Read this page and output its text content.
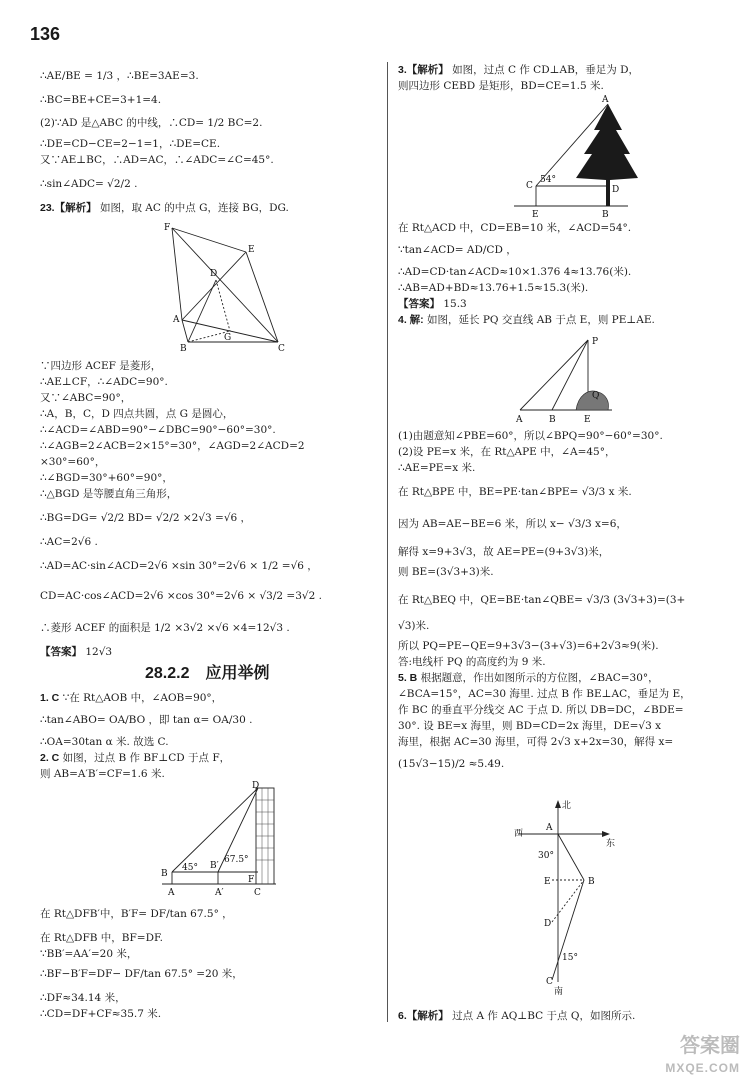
136
∴AE/BE = 1/3 ，∴BE=3AE=3.
∴BC=BE+CE=3+1=4.
(2)∵AD 是△ABC 的中线，∴CD= 1/2 BC=2.
∴DE=CD−CE=2−1=1，∴DE=CE.
又∵AE⊥BC，∴AD=AC，∴∠ADC=∠C=45°.
∴sin∠ADC= √2/2 .
23.【解析】 如图，取 AC 的中点 G，连接 BG，DG.
∵四边形 ACEF 是菱形，
∴AE⊥CF，∴∠ADC=90°.
又∵∠ABC=90°，
∴A，B，C，D 四点共圆，点 G 是圆心，
∴∠ACD=∠ABD=90°−∠DBC=90°−60°=30°.
∴∠AGB=2∠ACB=2×15°=30°，∠AGD=2∠ACD=2
×30°=60°，
∴∠BGD=30°+60°=90°，
∴△BGD 是等腰直角三角形，
∴BG=DG= √2/2 BD= √2/2 ×2√3 =√6 ，
∴AC=2√6 .
∴AD=AC·sin∠ACD=2√6 ×sin 30°=2√6 × 1/2 =√6 ，
CD=AC·cos∠ACD=2√6 ×cos 30°=2√6 × √3/2 =3√2 .
∴菱形 ACEF 的面积是 1/2 ×3√2 ×√6 ×4=12√3 .
【答案】 12√3
1. C ∵在 Rt△AOB 中，∠AOB=90°，
∴tan∠ABO= OA/BO ，即 tan α= OA/30 .
∴OA=30tan α 米. 故选 C.
2. C 如图，过点 B 作 BF⊥CD 于点 F，
则 AB=A′B′=CF=1.6 米.
在 Rt△DFB′中，B′F= DF/tan 67.5° ，
在 Rt△DFB 中，BF=DF.
∵BB′=AA′=20 米，
∴BF−B′F=DF− DF/tan 67.5° =20 米，
∴DF≈34.14 米，
∴CD=DF+CF≈35.7 米.
28.2.2　应用举例
3.【解析】 如图，过点 C 作 CD⊥AB，垂足为 D，
则四边形 CEBD 是矩形，BD=CE=1.5 米.
在 Rt△ACD 中，CD=EB=10 米，∠ACD=54°.
∵tan∠ACD= AD/CD ，
∴AD=CD·tan∠ACD≈10×1.376 4≈13.76(米).
∴AB=AD+BD≈13.76+1.5≈15.3(米).
【答案】 15.3
4. 解: 如图，延长 PQ 交直线 AB 于点 E，则 PE⊥AE.
(1)由题意知∠PBE=60°，所以∠BPQ=90°−60°=30°.
(2)设 PE=x 米，在 Rt△APE 中，∠A=45°，
∴AE=PE=x 米.
在 Rt△BPE 中，BE=PE·tan∠BPE= √3/3 x 米.
因为 AB=AE−BE=6 米，所以 x− √3/3 x=6，
解得 x=9+3√3，故 AE=PE=(9+3√3)米，
则 BE=(3√3+3)米.
在 Rt△BEQ 中，QE=BE·tan∠QBE= √3/3 (3√3+3)=(3+
√3)米.
所以 PQ=PE−QE=9+3√3−(3+√3)=6+2√3≈9(米).
答:电线杆 PQ 的高度约为 9 米.
5. B 根据题意，作出如图所示的方位图，∠BAC=30°，
∠BCA=15°，AC=30 海里. 过点 B 作 BE⊥AC，垂足为 E，
作 BC 的垂直平分线交 AC 于点 D. 所以 DB=DC，∠BDE=
30°. 设 BE=x 海里，则 BD=CD=2x 海里，DE=√3 x
海里，根据 AC=30 海里，可得 2√3 x+2x=30，解得 x=
(15√3−15)/2 ≈5.49.
6.【解析】 过点 A 作 AQ⊥BC 于点 Q，如图所示.
F
E
D
A
G
B	C
D
45°
67.5°
B
B′
F
A	A′	C
A
C
54°
D
E	B
P
Q
A	B	E
北
西
东
A
30°
E	B
D
15°
C
南
答案圈
MXQE.COM
